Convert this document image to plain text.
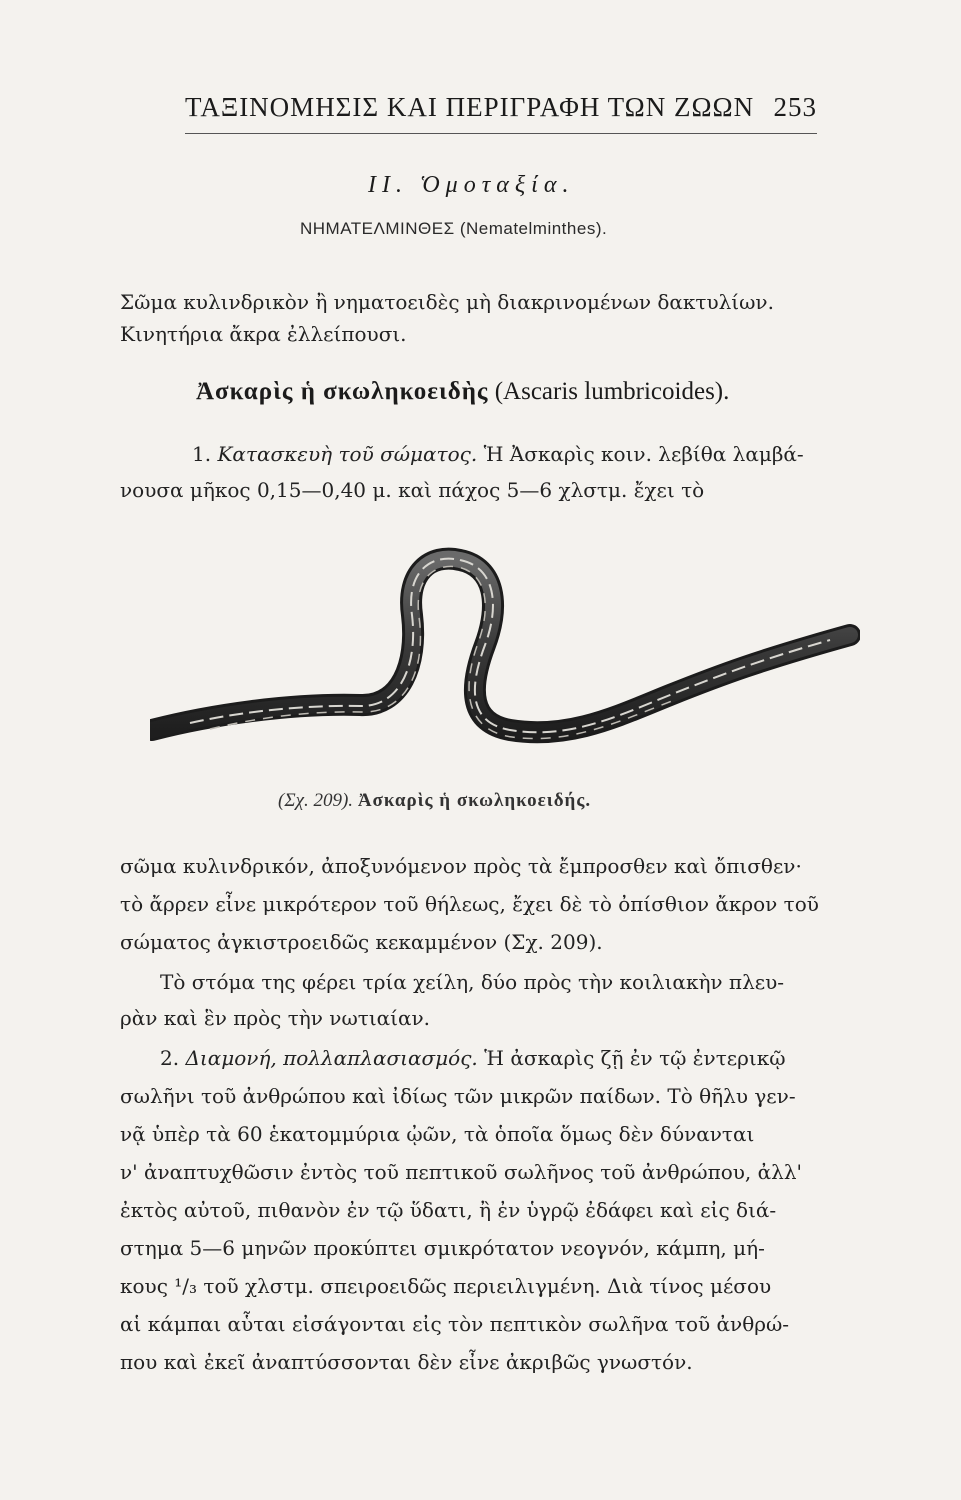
ΤΑΞΙΝΟΜΗΣΙΣ ΚΑΙ ΠΕΡΙΓΡΑΦΗ ΤΩΝ ΖΩΩΝ 253
II. Ὁμοταξία.
ΝΗΜΑΤΕΛΜΙΝΘΕΣ (Nematelminthes).
Σῶμα κυλινδρικὸν ἢ νηματοειδὲς μὴ διακρινομένων δακτυλίων.
Κινητήρια ἄκρα ἐλλείπουσι.
Ἀσκαρὶς ἡ σκωληκοειδὴς (Ascaris lumbricoides).
1. Κατασκευὴ τοῦ σώματος. Ἡ Ἀσκαρὶς κοιν. λεβίθα λαμβά-
νουσα μῆκος 0,15—0,40 μ. καὶ πάχος 5—6 χλστμ. ἔχει τὸ
(Σχ. 209). Ἀσκαρὶς ἡ σκωληκοειδής.
σῶμα κυλινδρικόν, ἀποξυνόμενον πρὸς τὰ ἔμπροσθεν καὶ ὄπισθεν·
τὸ ἄρρεν εἶνε μικρότερον τοῦ θήλεως, ἔχει δὲ τὸ ὀπίσθιον ἄκρον τοῦ
σώματος ἀγκιστροειδῶς κεκαμμένον (Σχ. 209).
Τὸ στόμα της φέρει τρία χείλη, δύο πρὸς τὴν κοιλιακὴν πλευ-
ρὰν καὶ ἓν πρὸς τὴν νωτιαίαν.
2. Διαμονή, πολλαπλασιασμός. Ἡ ἀσκαρὶς ζῇ ἐν τῷ ἐντερικῷ
σωλῆνι τοῦ ἀνθρώπου καὶ ἰδίως τῶν μικρῶν παίδων. Τὸ θῆλυ γεν-
νᾷ ὑπὲρ τὰ 60 ἑκατομμύρια ᾠῶν, τὰ ὁποῖα ὅμως δὲν δύνανται
ν' ἀναπτυχθῶσιν ἐντὸς τοῦ πεπτικοῦ σωλῆνος τοῦ ἀνθρώπου, ἀλλ'
ἐκτὸς αὐτοῦ, πιθανὸν ἐν τῷ ὕδατι, ἢ ἐν ὑγρῷ ἐδάφει καὶ εἰς διά-
στημα 5—6 μηνῶν προκύπτει σμικρότατον νεογνόν, κάμπη, μή-
κους ¹/₃ τοῦ χλστμ. σπειροειδῶς περιειλιγμένη. Διὰ τίνος μέσου
αἱ κάμπαι αὗται εἰσάγονται εἰς τὸν πεπτικὸν σωλῆνα τοῦ ἀνθρώ-
που καὶ ἐκεῖ ἀναπτύσσονται δὲν εἶνε ἀκριβῶς γνωστόν.
